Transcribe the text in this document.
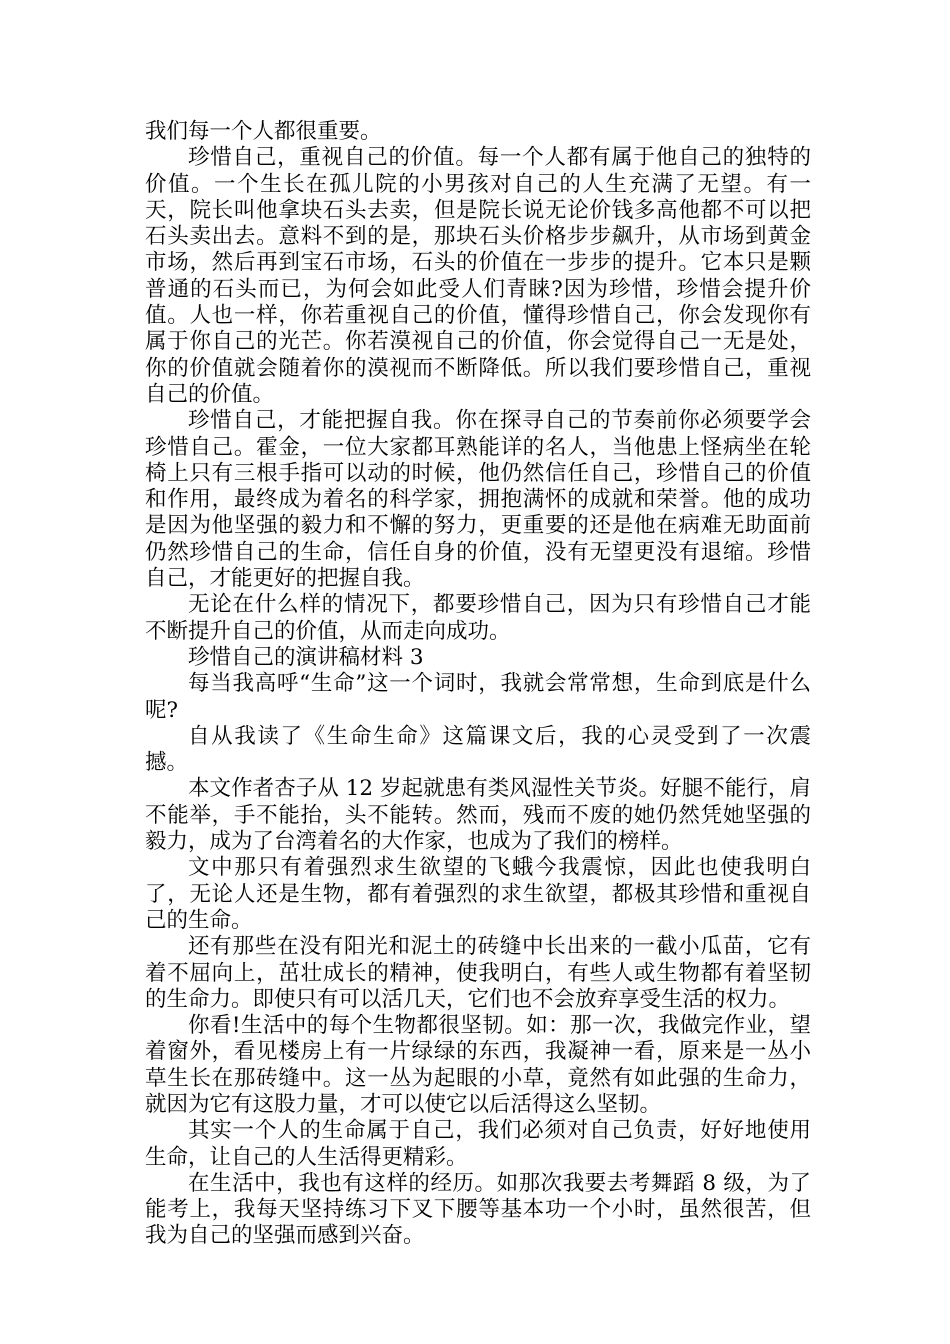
我们每一个人都很重要。

珍惜自己，重视自己的价值。每一个人都有属于他自己的独特的价值。一个生长在孤儿院的小男孩对自己的人生充满了无望。有一天，院长叫他拿块石头去卖，但是院长说无论价钱多高他都不可以把石头卖出去。意料不到的是，那块石头价格步步飙升，从市场到黄金市场，然后再到宝石市场，石头的价值在一步步的提升。它本只是颗普通的石头而已，为何会如此受人们青睐?因为珍惜，珍惜会提升价值。人也一样，你若重视自己的价值，懂得珍惜自己，你会发现你有属于你自己的光芒。你若漠视自己的价值，你会觉得自己一无是处，你的价值就会随着你的漠视而不断降低。所以我们要珍惜自己，重视自己的价值。

珍惜自己，才能把握自我。你在探寻自己的节奏前你必须要学会珍惜自己。霍金，一位大家都耳熟能详的名人，当他患上怪病坐在轮椅上只有三根手指可以动的时候，他仍然信任自己，珍惜自己的价值和作用，最终成为着名的科学家，拥抱满怀的成就和荣誉。他的成功是因为他坚强的毅力和不懈的努力，更重要的还是他在病难无助面前仍然珍惜自己的生命，信任自身的价值，没有无望更没有退缩。珍惜自己，才能更好的把握自我。

无论在什么样的情况下，都要珍惜自己，因为只有珍惜自己才能不断提升自己的价值，从而走向成功。

珍惜自己的演讲稿材料 3

每当我高呼“生命”这一个词时，我就会常常想，生命到底是什么呢?

自从我读了《生命生命》这篇课文后，我的心灵受到了一次震撼。

本文作者杏子从 12 岁起就患有类风湿性关节炎。好腿不能行，肩不能举，手不能抬，头不能转。然而，残而不废的她仍然凭她坚强的毅力，成为了台湾着名的大作家，也成为了我们的榜样。

文中那只有着强烈求生欲望的飞蛾今我震惊，因此也使我明白了，无论人还是生物，都有着强烈的求生欲望，都极其珍惜和重视自己的生命。

还有那些在没有阳光和泥土的砖缝中长出来的一截小瓜苗，它有着不屈向上，茁壮成长的精神，使我明白，有些人或生物都有着坚韧的生命力。即使只有可以活几天，它们也不会放弃享受生活的权力。

你看!生活中的每个生物都很坚韧。如：那一次，我做完作业，望着窗外，看见楼房上有一片绿绿的东西，我凝神一看，原来是一丛小草生长在那砖缝中。这一丛为起眼的小草，竟然有如此强的生命力，就因为它有这股力量，才可以使它以后活得这么坚韧。

其实一个人的生命属于自己，我们必须对自己负责，好好地使用生命，让自己的人生活得更精彩。

在生活中，我也有这样的经历。如那次我要去考舞蹈 8 级，为了能考上，我每天坚持练习下叉下腰等基本功一个小时，虽然很苦，但我为自己的坚强而感到兴奋。
